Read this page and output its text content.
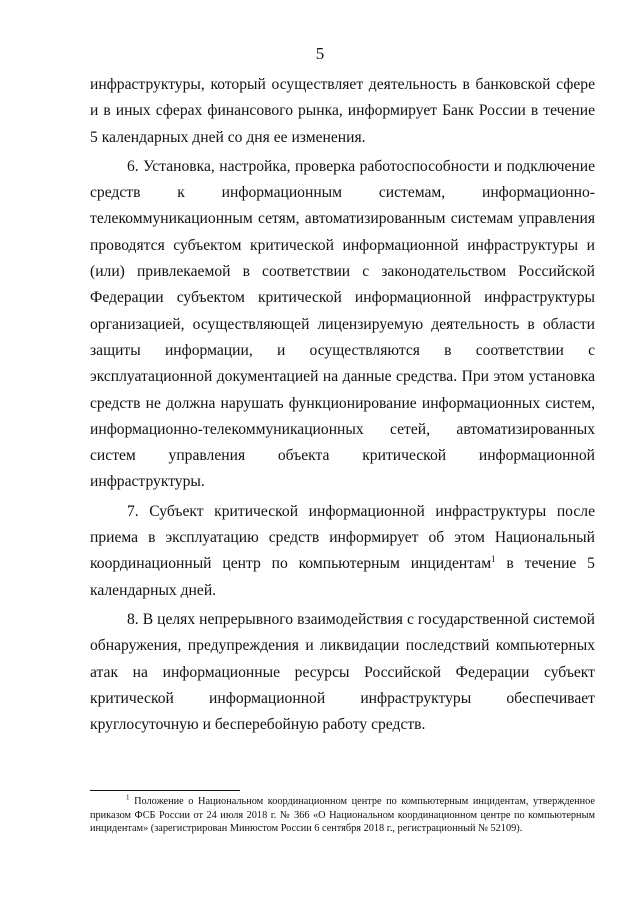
5

инфраструктуры, который осуществляет деятельность в банковской сфере и в иных сферах финансового рынка, информирует Банк России в течение 5 календарных дней со дня ее изменения.

6. Установка, настройка, проверка работоспособности и подключение средств к информационным системам, информационно-телекоммуникационным сетям, автоматизированным системам управления проводятся субъектом критической информационной инфраструктуры и (или) привлекаемой в соответствии с законодательством Российской Федерации субъектом критической информационной инфраструктуры организацией, осуществляющей лицензируемую деятельность в области защиты информации, и осуществляются в соответствии с эксплуатационной документацией на данные средства. При этом установка средств не должна нарушать функционирование информационных систем, информационно-телекоммуникационных сетей, автоматизированных систем управления объекта критической информационной инфраструктуры.

7. Субъект критической информационной инфраструктуры после приема в эксплуатацию средств информирует об этом Национальный координационный центр по компьютерным инцидентам$^1$ в течение 5 календарных дней.

8. В целях непрерывного взаимодействия с государственной системой обнаружения, предупреждения и ликвидации последствий компьютерных атак на информационные ресурсы Российской Федерации субъект критической информационной инфраструктуры обеспечивает круглосуточную и бесперебойную работу средств.

$^1$ Положение о Национальном координационном центре по компьютерным инцидентам, утвержденное приказом ФСБ России от 24 июля 2018 г. № 366 «О Национальном координационном центре по компьютерным инцидентам» (зарегистрирован Минюстом России 6 сентября 2018 г., регистрационный № 52109).
